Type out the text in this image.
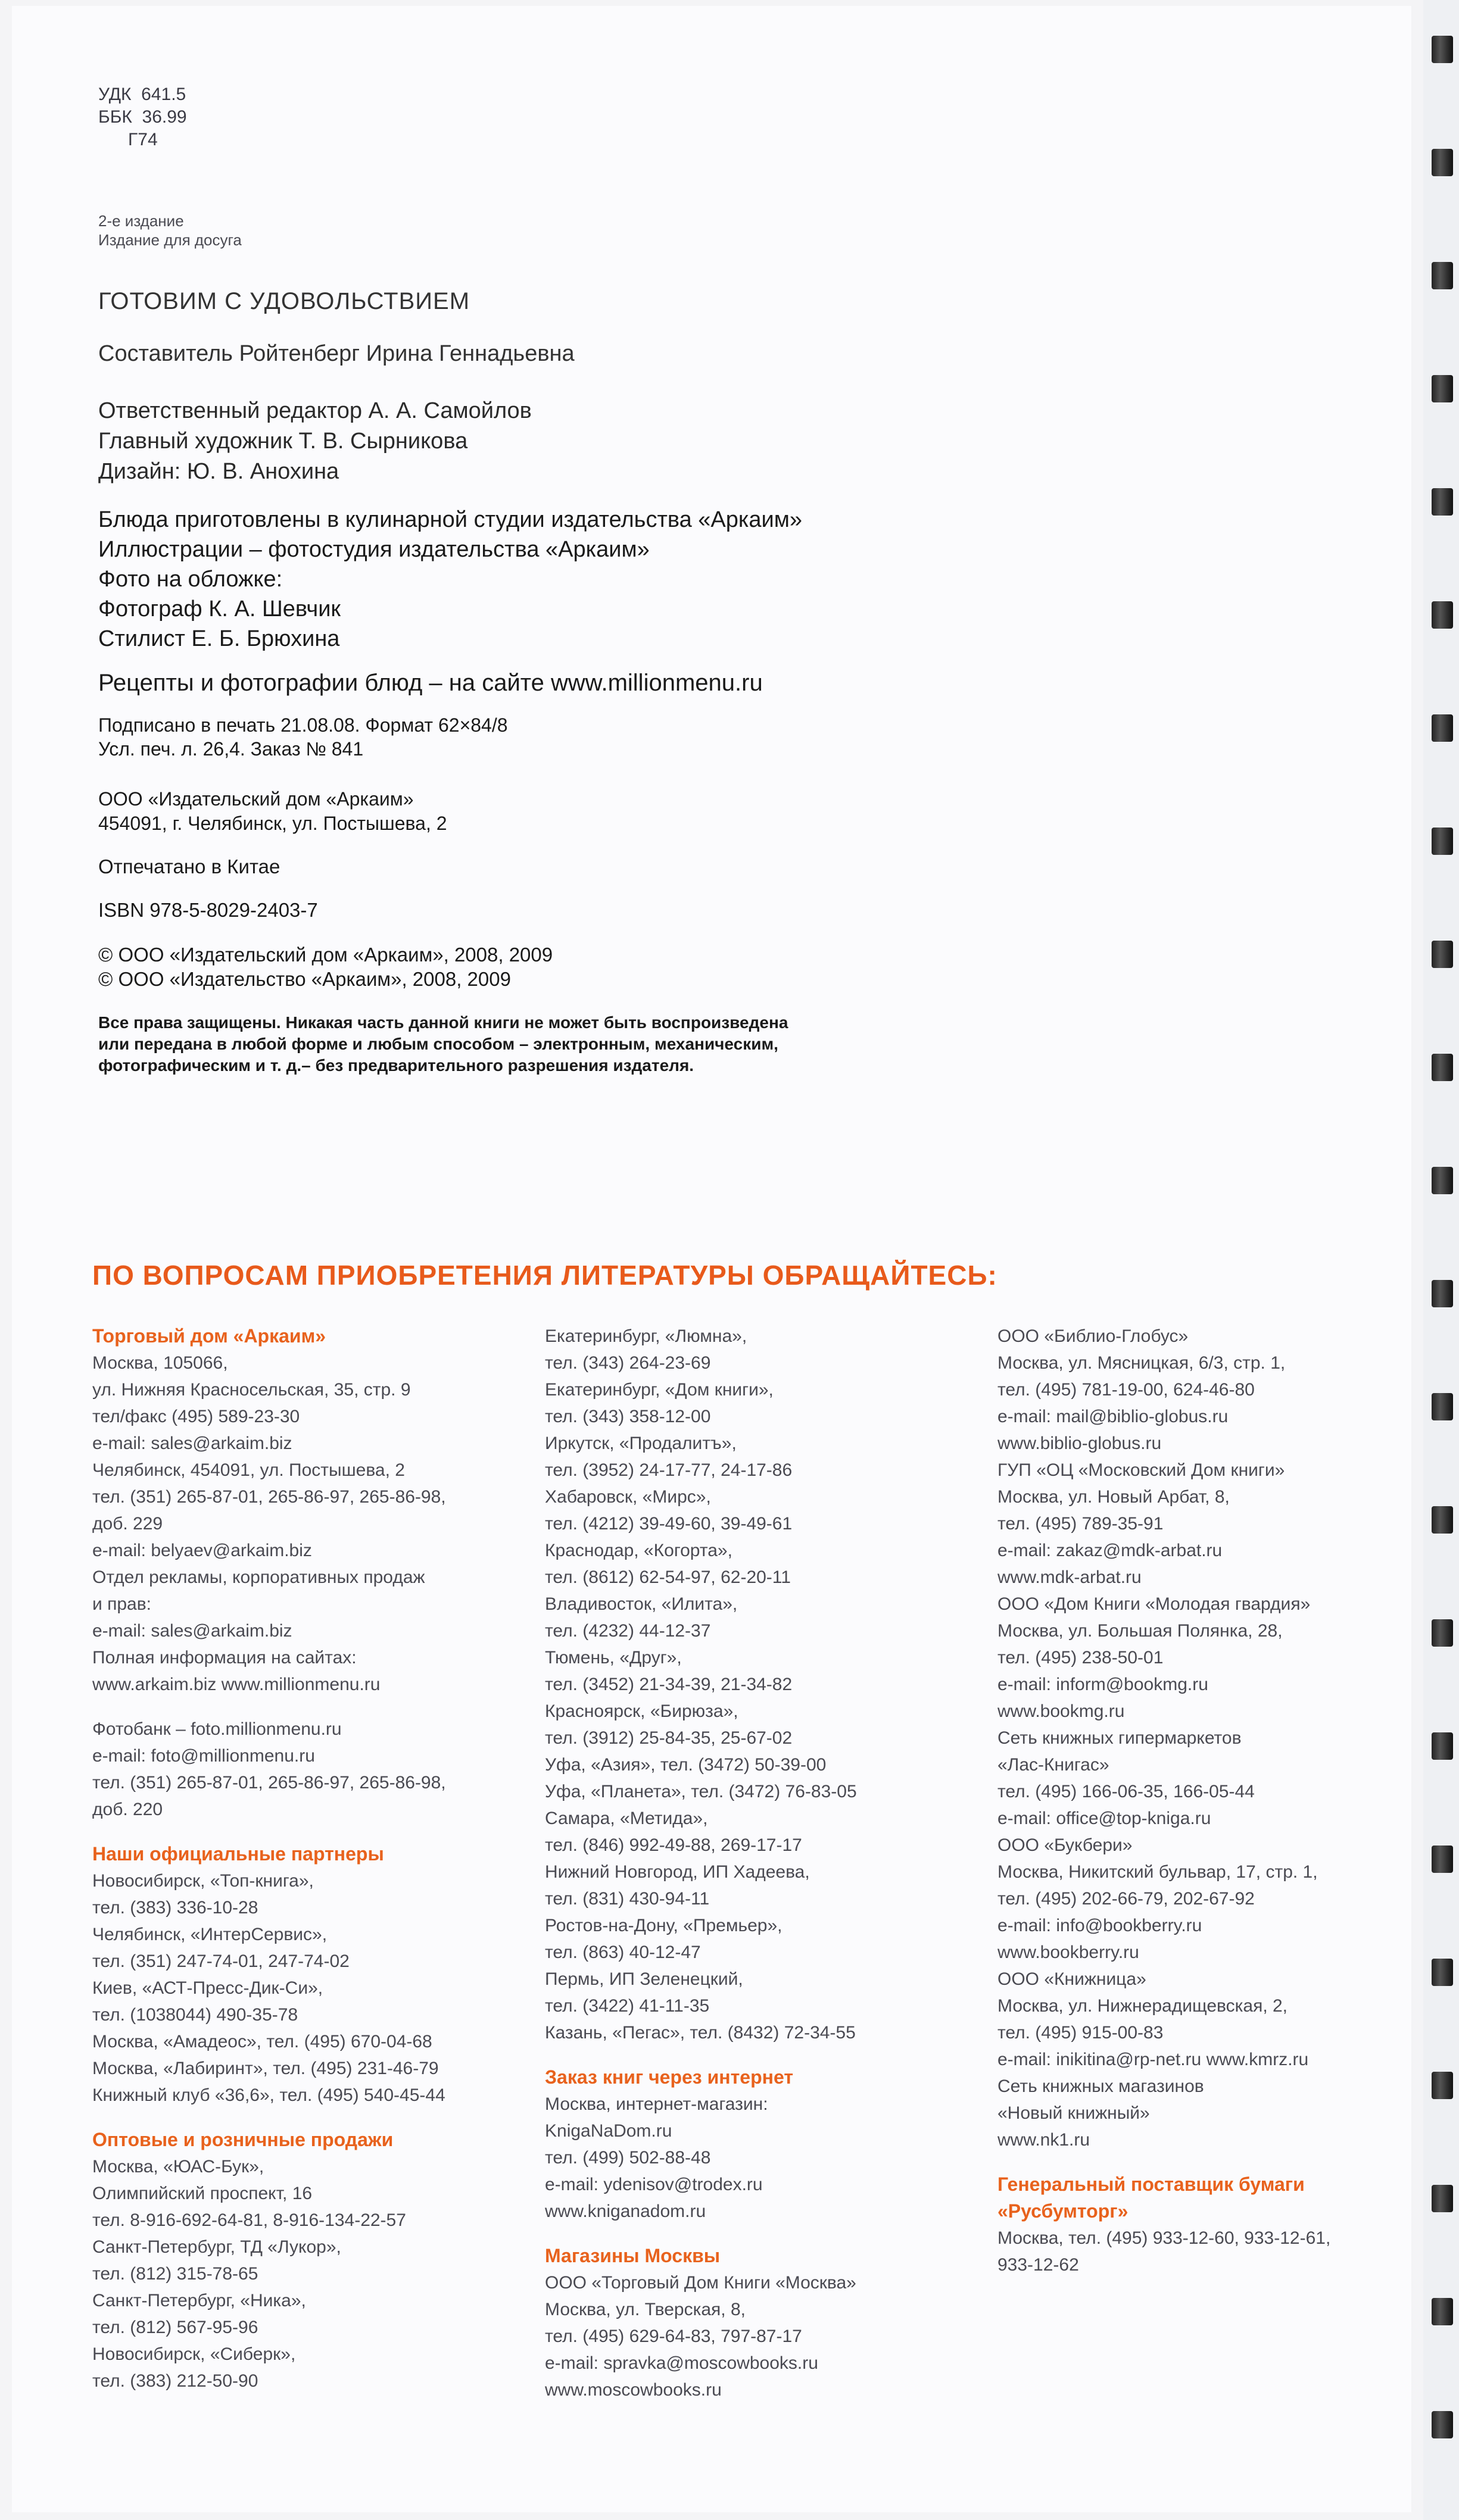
УДК  641.5
ББК  36.99
Г74
2-е издание
Издание для досуга
ГОТОВИМ С УДОВОЛЬСТВИЕМ
Составитель Ройтенберг Ирина Геннадьевна
Ответственный редактор А. А. Самойлов
Главный художник Т. В. Сырникова
Дизайн: Ю. В. Анохина
Блюда приготовлены в кулинарной студии издательства «Аркаим»
Иллюстрации – фотостудия издательства «Аркаим»
Фото на обложке:
Фотограф К. А. Шевчик
Стилист Е. Б. Брюхина
Рецепты и фотографии блюд – на сайте www.millionmenu.ru
Подписано в печать 21.08.08. Формат 62×84/8
Усл. печ. л. 26,4. Заказ № 841
ООО «Издательский дом «Аркаим»
454091, г. Челябинск, ул. Постышева, 2
Отпечатано в Китае
ISBN 978-5-8029-2403-7
© ООО «Издательский дом «Аркаим», 2008, 2009
© ООО «Издательство «Аркаим», 2008, 2009
Все права защищены. Никакая часть данной книги не может быть воспроизведена
или передана в любой форме и любым способом – электронным, механическим,
фотографическим и т. д.– без предварительного разрешения издателя.
ПО ВОПРОСАМ ПРИОБРЕТЕНИЯ ЛИТЕРАТУРЫ ОБРАЩАЙТЕСЬ:
Торговый дом «Аркаим»
Москва, 105066,
ул. Нижняя Красносельская, 35, стр. 9
тел/факс (495) 589-23-30
e-mail: sales@arkaim.biz
Челябинск, 454091, ул. Постышева, 2
тел. (351) 265-87-01, 265-86-97, 265-86-98,
доб. 229
e-mail: belyaev@arkaim.biz
Отдел рекламы, корпоративных продаж
и прав:
e-mail: sales@arkaim.biz
Полная информация на сайтах:
www.arkaim.biz www.millionmenu.ru
Фотобанк – foto.millionmenu.ru
e-mail: foto@millionmenu.ru
тел. (351) 265-87-01, 265-86-97, 265-86-98,
доб. 220
Наши официальные партнеры
Новосибирск, «Топ-книга»,
тел. (383) 336-10-28
Челябинск, «ИнтерСервис»,
тел. (351) 247-74-01, 247-74-02
Киев, «АСТ-Пресс-Дик-Си»,
тел. (1038044) 490-35-78
Москва, «Амадеос», тел. (495) 670-04-68
Москва, «Лабиринт», тел. (495) 231-46-79
Книжный клуб «36,6», тел. (495) 540-45-44
Оптовые и розничные продажи
Москва, «ЮАС-Бук»,
Олимпийский проспект, 16
тел. 8-916-692-64-81, 8-916-134-22-57
Санкт-Петербург, ТД «Лукор»,
тел. (812) 315-78-65
Санкт-Петербург, «Ника»,
тел. (812) 567-95-96
Новосибирск, «Сиберк»,
тел. (383) 212-50-90
Екатеринбург, «Люмна»,
тел. (343) 264-23-69
Екатеринбург, «Дом книги»,
тел. (343) 358-12-00
Иркутск, «Продалитъ»,
тел. (3952) 24-17-77, 24-17-86
Хабаровск, «Мирс»,
тел. (4212) 39-49-60, 39-49-61
Краснодар, «Когорта»,
тел. (8612) 62-54-97, 62-20-11
Владивосток, «Илита»,
тел. (4232) 44-12-37
Тюмень, «Друг»,
тел. (3452) 21-34-39, 21-34-82
Красноярск, «Бирюза»,
тел. (3912) 25-84-35, 25-67-02
Уфа, «Азия», тел. (3472) 50-39-00
Уфа, «Планета», тел. (3472) 76-83-05
Самара, «Метида»,
тел. (846) 992-49-88, 269-17-17
Нижний Новгород, ИП Хадеева,
тел. (831) 430-94-11
Ростов-на-Дону, «Премьер»,
тел. (863) 40-12-47
Пермь, ИП Зеленецкий,
тел. (3422) 41-11-35
Казань, «Пегас», тел. (8432) 72-34-55
Заказ книг через интернет
Москва, интернет-магазин:
KnigaNaDom.ru
тел. (499) 502-88-48
e-mail: ydenisov@trodex.ru
www.kniganadom.ru
Магазины Москвы
ООО «Торговый Дом Книги «Москва»
Москва, ул. Тверская, 8,
тел. (495) 629-64-83, 797-87-17
e-mail: spravka@moscowbooks.ru
www.moscowbooks.ru
ООО «Библио-Глобус»
Москва, ул. Мясницкая, 6/3, стр. 1,
тел. (495) 781-19-00, 624-46-80
e-mail: mail@biblio-globus.ru
www.biblio-globus.ru
ГУП «ОЦ «Московский Дом книги»
Москва, ул. Новый Арбат, 8,
тел. (495) 789-35-91
e-mail: zakaz@mdk-arbat.ru
www.mdk-arbat.ru
ООО «Дом Книги «Молодая гвардия»
Москва, ул. Большая Полянка, 28,
тел. (495) 238-50-01
e-mail: inform@bookmg.ru
www.bookmg.ru
Сеть книжных гипермаркетов
«Лас-Книгас»
тел. (495) 166-06-35, 166-05-44
e-mail: office@top-kniga.ru
ООО «Букбери»
Москва, Никитский бульвар, 17, стр. 1,
тел. (495) 202-66-79, 202-67-92
e-mail: info@bookberry.ru
www.bookberry.ru
ООО «Книжница»
Москва, ул. Нижнерадищевская, 2,
тел. (495) 915-00-83
e-mail: inikitina@rp-net.ru www.kmrz.ru
Сеть книжных магазинов
«Новый книжный»
www.nk1.ru
Генеральный поставщик бумаги
«Русбумторг»
Москва, тел. (495) 933-12-60, 933-12-61,
933-12-62
